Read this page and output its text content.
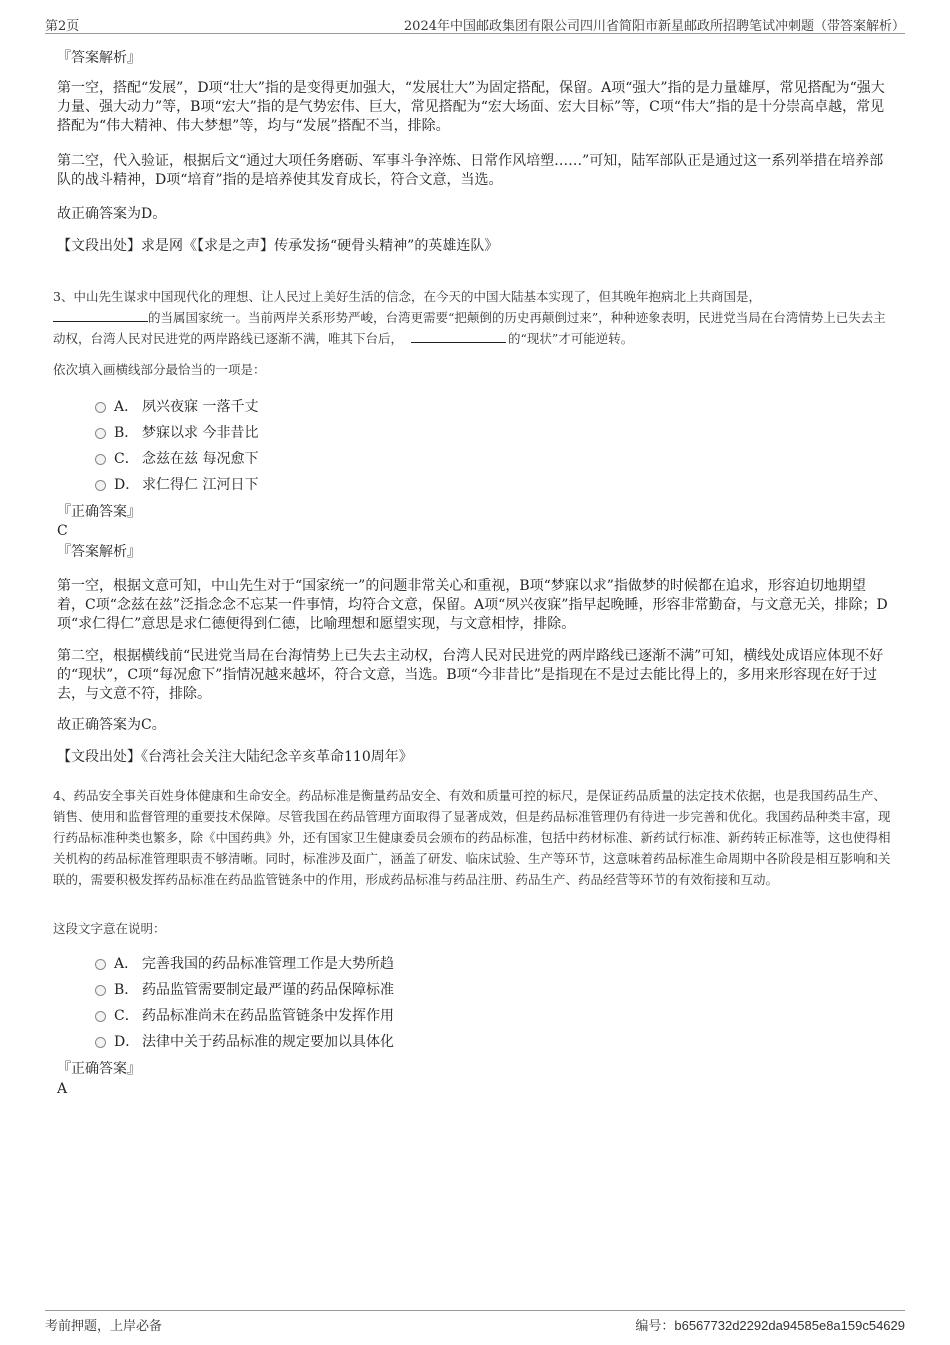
第2页	2024年中国邮政集团有限公司四川省简阳市新星邮政所招聘笔试冲刺题（带答案解析）
『答案解析』

第一空，搭配“发展”，D项“壮大”指的是变得更加强大，“发展壮大”为固定搭配，保留。A项“强大”指的是力量雄厚，常见搭配为“强大力量、强大动力”等，B项“宏大”指的是气势宏伟、巨大，常见搭配为“宏大场面、宏大目标”等，C项“伟大”指的是十分崇高卓越，常见搭配为“伟大精神、伟大梦想”等，均与“发展”搭配不当，排除。

第二空，代入验证，根据后文“通过大项任务磨砺、军事斗争淬炼、日常作风培塑……”可知，陆军部队正是通过这一系列举措在培养部队的战斗精神，D项“培育”指的是培养使其发育成长，符合文意，当选。

故正确答案为D。

【文段出处】求是网《【求是之声】传承发扬“硬骨头精神”的英雄连队》

3、中山先生谋求中国现代化的理想、让人民过上美好生活的信念，在今天的中国大陆基本实现了，但其晚年抱病北上共商国是，
的当属国家统一。当前两岸关系形势严峻，台湾更需要“把颠倒的历史再颠倒过来”，种种迹象表明，民进党当局在台湾情势上已失去主动权，台湾人民对民进党的两岸路线已逐渐不满，唯其下台后，	的“现状”才可能逆转。

依次填入画横线部分最恰当的一项是：

A． 夙兴夜寐 一落千丈
B． 梦寐以求 今非昔比
C． 念兹在兹 每况愈下
D． 求仁得仁 江河日下
『正确答案』
C
『答案解析』

第一空，根据文意可知，中山先生对于“国家统一”的问题非常关心和重视，B项“梦寐以求”指做梦的时候都在追求，形容迫切地期望着，C项“念兹在兹”泛指念念不忘某一件事情，均符合文意，保留。A项“夙兴夜寐”指早起晚睡，形容非常勤奋，与文意无关，排除；D项“求仁得仁”意思是求仁德便得到仁德，比喻理想和愿望实现，与文意相悖，排除。

第二空，根据横线前“民进党当局在台海情势上已失去主动权，台湾人民对民进党的两岸路线已逐渐不满”可知，横线处成语应体现不好的“现状”，C项“每况愈下”指情况越来越坏，符合文意，当选。B项“今非昔比”是指现在不是过去能比得上的，多用来形容现在好于过去，与文意不符，排除。

故正确答案为C。

【文段出处】《台湾社会关注大陆纪念辛亥革命110周年》

4、药品安全事关百姓身体健康和生命安全。药品标准是衡量药品安全、有效和质量可控的标尺，是保证药品质量的法定技术依据，也是我国药品生产、销售、使用和监督管理的重要技术保障。尽管我国在药品管理方面取得了显著成效，但是药品标准管理仍有待进一步完善和优化。我国药品种类丰富，现行药品标准种类也繁多，除《中国药典》外，还有国家卫生健康委员会颁布的药品标准，包括中药材标准、新药试行标准、新药转正标准等，这也使得相关机构的药品标准管理职责不够清晰。同时，标准涉及面广，涵盖了研发、临床试验、生产等环节，这意味着药品标准生命周期中各阶段是相互影响和关联的，需要积极发挥药品标准在药品监管链条中的作用，形成药品标准与药品注册、药品生产、药品经营等环节的有效衔接和互动。

这段文字意在说明：

A． 完善我国的药品标准管理工作是大势所趋
B． 药品监管需要制定最严谨的药品保障标准
C． 药品标准尚未在药品监管链条中发挥作用
D． 法律中关于药品标准的规定要加以具体化
『正确答案』
A
考前押题，上岸必备	编号：b6567732d2292da94585e8a159c54629
